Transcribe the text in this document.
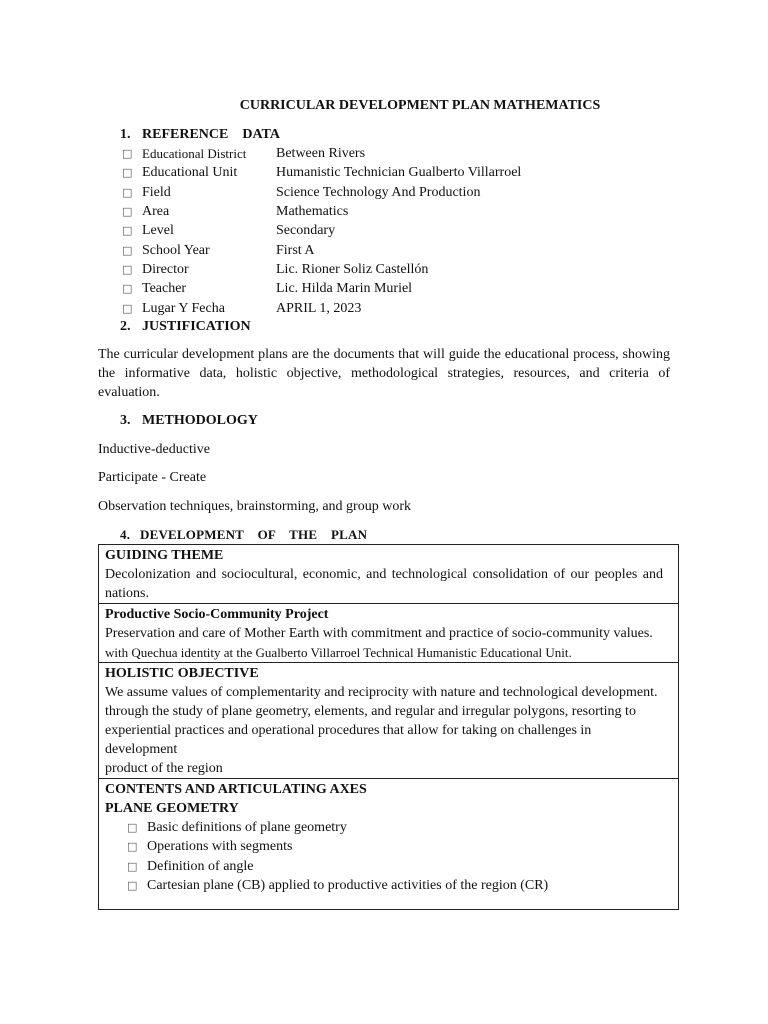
CURRICULAR DEVELOPMENT PLAN MATHEMATICS
1. REFERENCE    DATA
□
Educational District	Between Rivers
□
Educational Unit	Humanistic Technician Gualberto Villarroel
□
Field	Science Technology And Production
□
Area	Mathematics
□
Level	Secondary
□
School Year	First A
□
Director	Lic. Rioner Soliz Castellón
□
Teacher	Lic. Hilda Marin Muriel
□
Lugar Y Fecha	APRIL 1, 2023
2. JUSTIFICATION
The curricular development plans are the documents that will guide the educational process, showing the informative data, holistic objective, methodological strategies, resources, and criteria of evaluation.
3. METHODOLOGY
Inductive-deductive
Participate - Create
Observation techniques, brainstorming, and group work
4. DEVELOPMENT    OF    THE    PLAN
GUIDING THEME
Decolonization and sociocultural, economic, and technological consolidation of our peoples and nations.
Productive Socio-Community Project
Preservation and care of Mother Earth with commitment and practice of socio-community values.
with Quechua identity at the Gualberto Villarroel Technical Humanistic Educational Unit.
HOLISTIC OBJECTIVE
We assume values of complementarity and reciprocity with nature and technological development.
through the study of plane geometry, elements, and regular and irregular polygons, resorting to
experiential practices and operational procedures that allow for taking on challenges in development
product of the region
CONTENTS AND ARTICULATING AXES
PLANE GEOMETRY
□
Basic definitions of plane geometry
□
Operations with segments
□
Definition of angle
□
Cartesian plane (CB) applied to productive activities of the region (CR)
